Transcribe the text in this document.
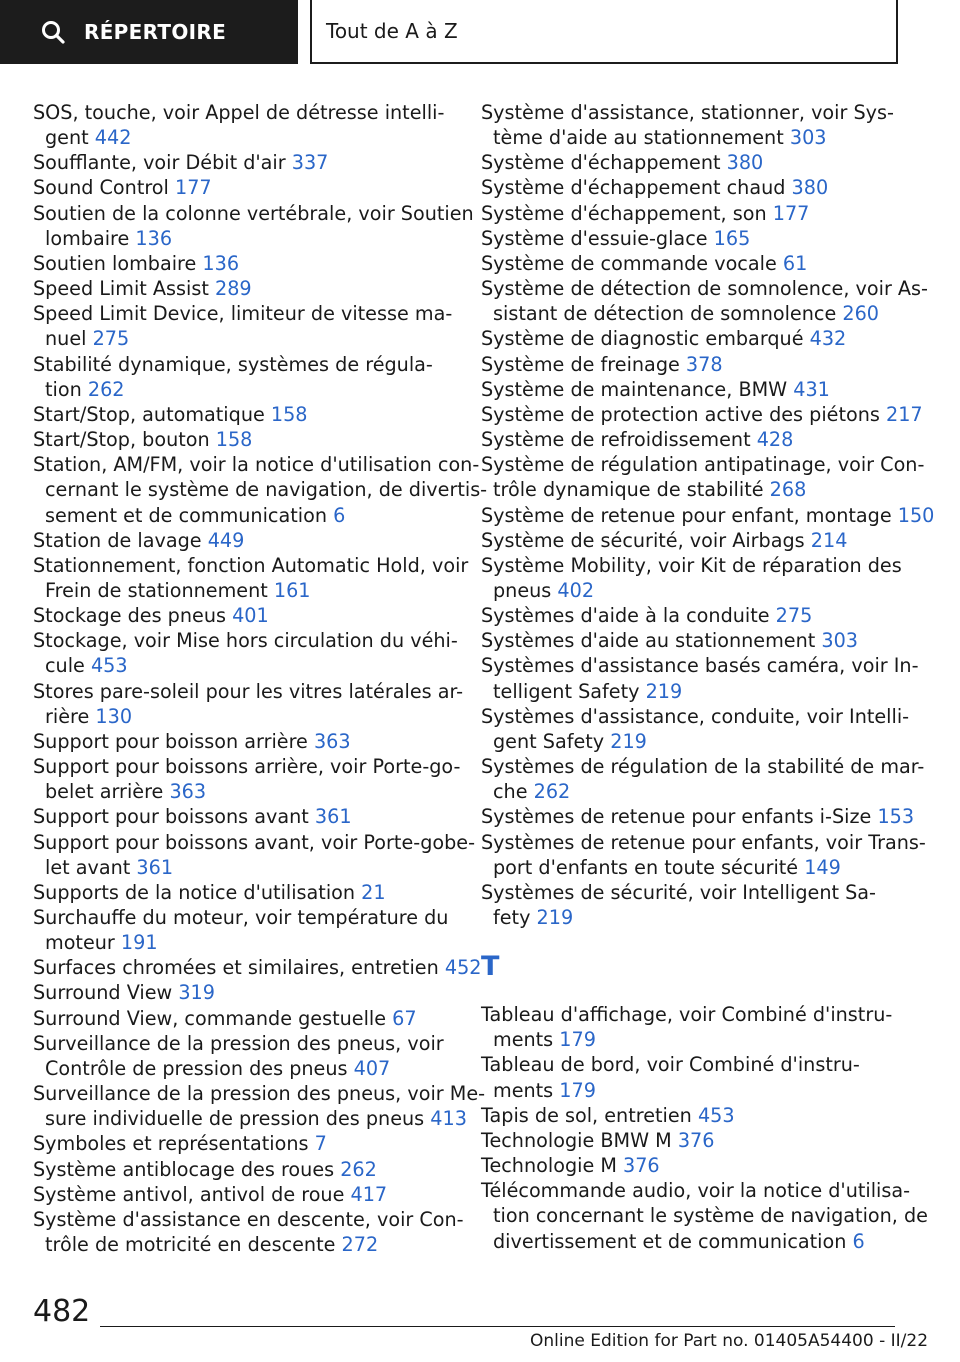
RÉPERTOIRE	Tout de A à Z
SOS, touche, voir Appel de détresse intelli-
gent 442
Soufflante, voir Débit d'air 337
Sound Control 177
Soutien de la colonne vertébrale, voir Soutien
lombaire 136
Soutien lombaire 136
Speed Limit Assist 289
Speed Limit Device, limiteur de vitesse ma-
nuel 275
Stabilité dynamique, systèmes de régula-
tion 262
Start/Stop, automatique 158
Start/Stop, bouton 158
Station, AM/FM, voir la notice d'utilisation con-
cernant le système de navigation, de divertis-
sement et de communication 6
Station de lavage 449
Stationnement, fonction Automatic Hold, voir
Frein de stationnement 161
Stockage des pneus 401
Stockage, voir Mise hors circulation du véhi-
cule 453
Stores pare-soleil pour les vitres latérales ar-
rière 130
Support pour boisson arrière 363
Support pour boissons arrière, voir Porte-go-
belet arrière 363
Support pour boissons avant 361
Support pour boissons avant, voir Porte-gobe-
let avant 361
Supports de la notice d'utilisation 21
Surchauffe du moteur, voir température du
moteur 191
Surfaces chromées et similaires, entretien 452
Surround View 319
Surround View, commande gestuelle 67
Surveillance de la pression des pneus, voir
Contrôle de pression des pneus 407
Surveillance de la pression des pneus, voir Me-
sure individuelle de pression des pneus 413
Symboles et représentations 7
Système antiblocage des roues 262
Système antivol, antivol de roue 417
Système d'assistance en descente, voir Con-
trôle de motricité en descente 272
Système d'assistance, stationner, voir Sys-
tème d'aide au stationnement 303
Système d'échappement 380
Système d'échappement chaud 380
Système d'échappement, son 177
Système d'essuie-glace 165
Système de commande vocale 61
Système de détection de somnolence, voir As-
sistant de détection de somnolence 260
Système de diagnostic embarqué 432
Système de freinage 378
Système de maintenance, BMW 431
Système de protection active des piétons 217
Système de refroidissement 428
Système de régulation antipatinage, voir Con-
trôle dynamique de stabilité 268
Système de retenue pour enfant, montage 150
Système de sécurité, voir Airbags 214
Système Mobility, voir Kit de réparation des
pneus 402
Systèmes d'aide à la conduite 275
Systèmes d'aide au stationnement 303
Systèmes d'assistance basés caméra, voir In-
telligent Safety 219
Systèmes d'assistance, conduite, voir Intelli-
gent Safety 219
Systèmes de régulation de la stabilité de mar-
che 262
Systèmes de retenue pour enfants i-Size 153
Systèmes de retenue pour enfants, voir Trans-
port d'enfants en toute sécurité 149
Systèmes de sécurité, voir Intelligent Sa-
fety 219
T
Tableau d'affichage, voir Combiné d'instru-
ments 179
Tableau de bord, voir Combiné d'instru-
ments 179
Tapis de sol, entretien 453
Technologie BMW M 376
Technologie M 376
Télécommande audio, voir la notice d'utilisa-
tion concernant le système de navigation, de
divertissement et de communication 6
482
Online Edition for Part no. 01405A54400 - II/22
